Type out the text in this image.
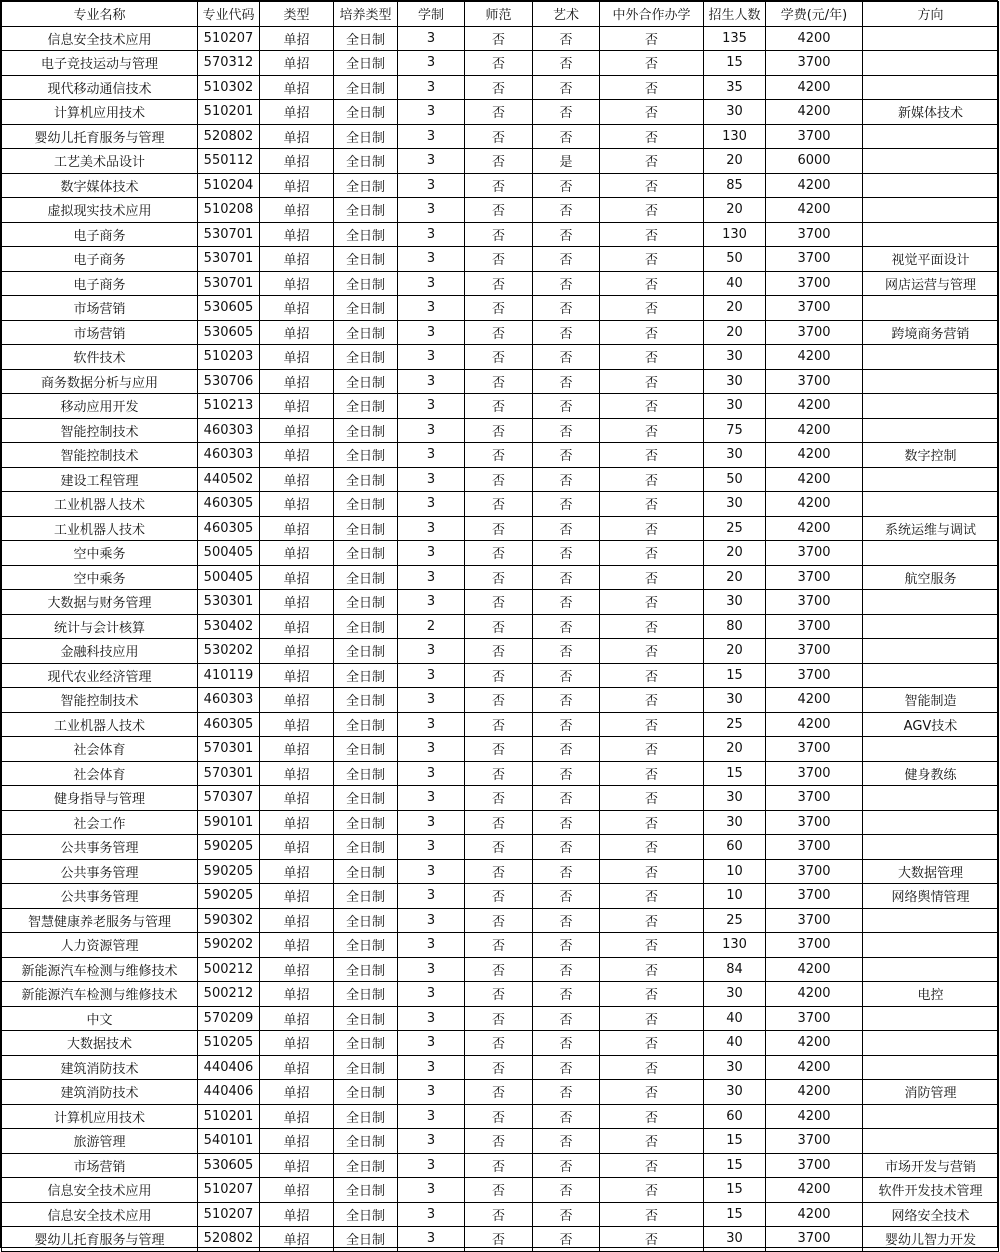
专业名称	专业代码	类型	培养类型	学制	师范	艺术	中外合作办学	招生人数	学费(元/年)	方向
信息安全技术应用	510207	单招	全日制	3	否	否	否	135	4200	
电子竞技运动与管理	570312	单招	全日制	3	否	否	否	15	3700	
现代移动通信技术	510302	单招	全日制	3	否	否	否	35	4200	
计算机应用技术	510201	单招	全日制	3	否	否	否	30	4200	新媒体技术
婴幼儿托育服务与管理	520802	单招	全日制	3	否	否	否	130	3700	
工艺美术品设计	550112	单招	全日制	3	否	是	否	20	6000	
数字媒体技术	510204	单招	全日制	3	否	否	否	85	4200	
虚拟现实技术应用	510208	单招	全日制	3	否	否	否	20	4200	
电子商务	530701	单招	全日制	3	否	否	否	130	3700	
电子商务	530701	单招	全日制	3	否	否	否	50	3700	视觉平面设计
电子商务	530701	单招	全日制	3	否	否	否	40	3700	网店运营与管理
市场营销	530605	单招	全日制	3	否	否	否	20	3700	
市场营销	530605	单招	全日制	3	否	否	否	20	3700	跨境商务营销
软件技术	510203	单招	全日制	3	否	否	否	30	4200	
商务数据分析与应用	530706	单招	全日制	3	否	否	否	30	3700	
移动应用开发	510213	单招	全日制	3	否	否	否	30	4200	
智能控制技术	460303	单招	全日制	3	否	否	否	75	4200	
智能控制技术	460303	单招	全日制	3	否	否	否	30	4200	数字控制
建设工程管理	440502	单招	全日制	3	否	否	否	50	4200	
工业机器人技术	460305	单招	全日制	3	否	否	否	30	4200	
工业机器人技术	460305	单招	全日制	3	否	否	否	25	4200	系统运维与调试
空中乘务	500405	单招	全日制	3	否	否	否	20	3700	
空中乘务	500405	单招	全日制	3	否	否	否	20	3700	航空服务
大数据与财务管理	530301	单招	全日制	3	否	否	否	30	3700	
统计与会计核算	530402	单招	全日制	2	否	否	否	80	3700	
金融科技应用	530202	单招	全日制	3	否	否	否	20	3700	
现代农业经济管理	410119	单招	全日制	3	否	否	否	15	3700	
智能控制技术	460303	单招	全日制	3	否	否	否	30	4200	智能制造
工业机器人技术	460305	单招	全日制	3	否	否	否	25	4200	AGV技术
社会体育	570301	单招	全日制	3	否	否	否	20	3700	
社会体育	570301	单招	全日制	3	否	否	否	15	3700	健身教练
健身指导与管理	570307	单招	全日制	3	否	否	否	30	3700	
社会工作	590101	单招	全日制	3	否	否	否	30	3700	
公共事务管理	590205	单招	全日制	3	否	否	否	60	3700	
公共事务管理	590205	单招	全日制	3	否	否	否	10	3700	大数据管理
公共事务管理	590205	单招	全日制	3	否	否	否	10	3700	网络舆情管理
智慧健康养老服务与管理	590302	单招	全日制	3	否	否	否	25	3700	
人力资源管理	590202	单招	全日制	3	否	否	否	130	3700	
新能源汽车检测与维修技术	500212	单招	全日制	3	否	否	否	84	4200	
新能源汽车检测与维修技术	500212	单招	全日制	3	否	否	否	30	4200	电控
中文	570209	单招	全日制	3	否	否	否	40	3700	
大数据技术	510205	单招	全日制	3	否	否	否	40	4200	
建筑消防技术	440406	单招	全日制	3	否	否	否	30	4200	
建筑消防技术	440406	单招	全日制	3	否	否	否	30	4200	消防管理
计算机应用技术	510201	单招	全日制	3	否	否	否	60	4200	
旅游管理	540101	单招	全日制	3	否	否	否	15	3700	
市场营销	530605	单招	全日制	3	否	否	否	15	3700	市场开发与营销
信息安全技术应用	510207	单招	全日制	3	否	否	否	15	4200	软件开发技术管理
信息安全技术应用	510207	单招	全日制	3	否	否	否	15	4200	网络安全技术
婴幼儿托育服务与管理	520802	单招	全日制	3	否	否	否	30	3700	婴幼儿智力开发
